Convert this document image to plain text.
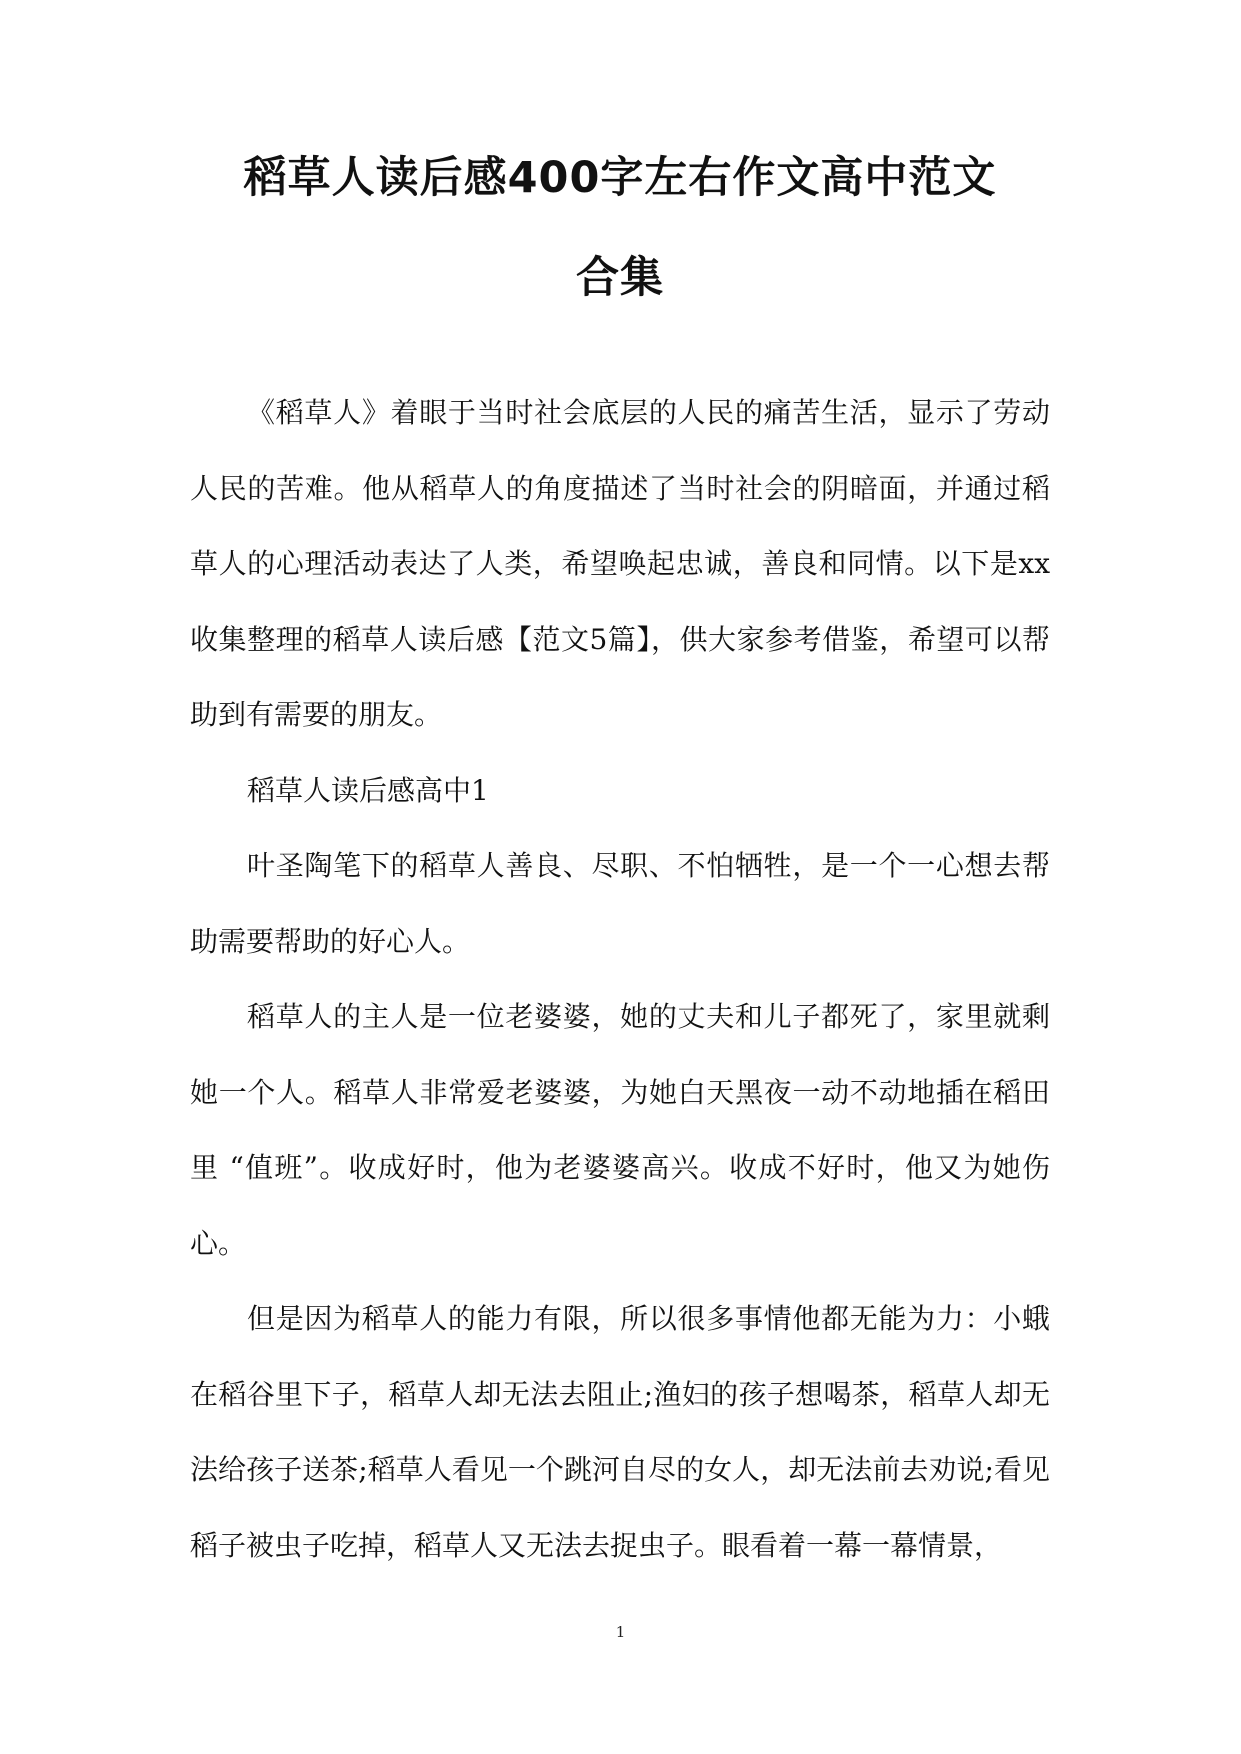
稻草人读后感400字左右作文高中范文
合集

《稻草人》着眼于当时社会底层的人民的痛苦生活，显示了劳动人民的苦难。他从稻草人的角度描述了当时社会的阴暗面，并通过稻草人的心理活动表达了人类，希望唤起忠诚，善良和同情。以下是xx收集整理的稻草人读后感【范文5篇】，供大家参考借鉴，希望可以帮助到有需要的朋友。

稻草人读后感高中1

叶圣陶笔下的稻草人善良、尽职、不怕牺牲，是一个一心想去帮助需要帮助的好心人。

稻草人的主人是一位老婆婆，她的丈夫和儿子都死了，家里就剩她一个人。稻草人非常爱老婆婆，为她白天黑夜一动不动地插在稻田里 “值班”。收成好时，他为老婆婆高兴。收成不好时，他又为她伤心。

但是因为稻草人的能力有限，所以很多事情他都无能为力：小蛾在稻谷里下子，稻草人却无法去阻止;渔妇的孩子想喝茶，稻草人却无法给孩子送茶;稻草人看见一个跳河自尽的女人，却无法前去劝说;看见稻子被虫子吃掉，稻草人又无法去捉虫子。眼看着一幕一幕情景，

1
